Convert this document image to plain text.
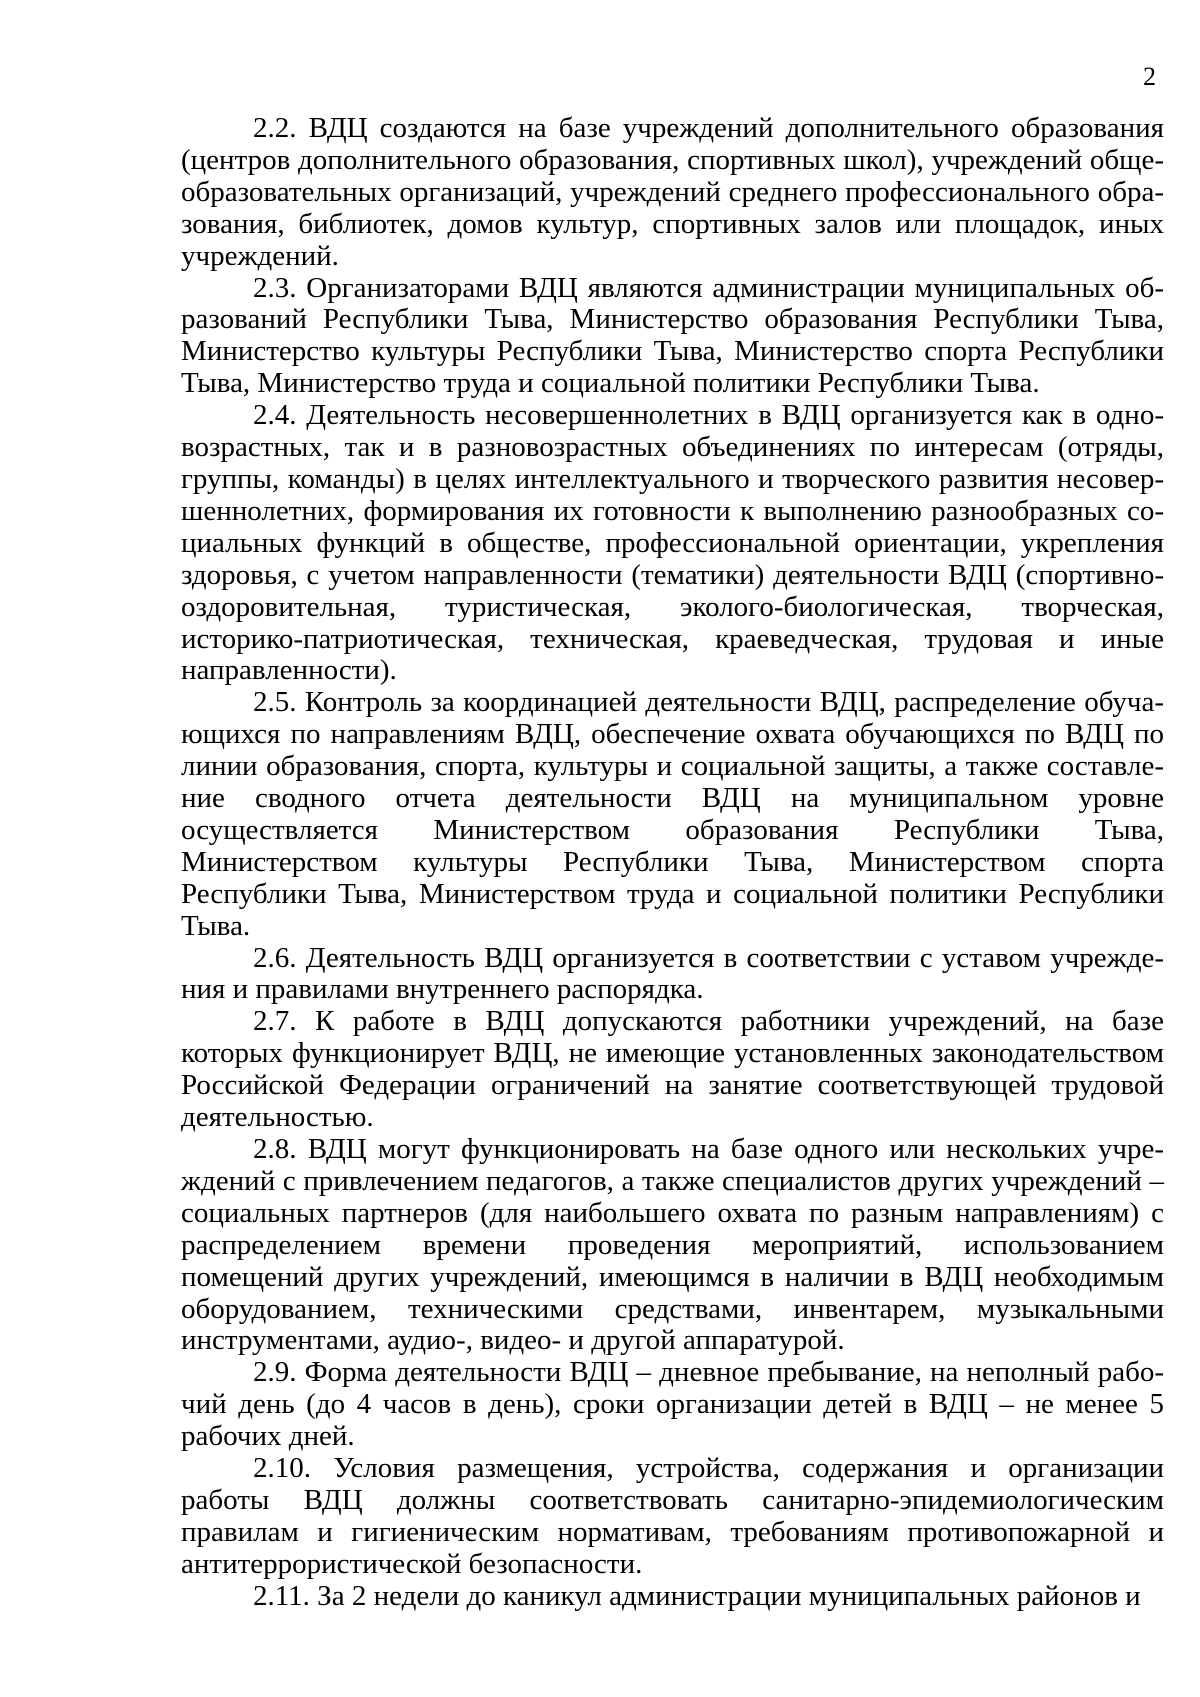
2

2.2. ВДЦ создаются на базе учреждений дополнительного образования (центров дополнительного образования, спортивных школ), учреждений общеобразовательных организаций, учреждений среднего профессионального образования, библиотек, домов культур, спортивных залов или площадок, иных учреждений.

2.3. Организаторами ВДЦ являются администрации муниципальных образований Республики Тыва, Министерство образования Республики Тыва, Министерство культуры Республики Тыва, Министерство спорта Республики Тыва, Министерство труда и социальной политики Республики Тыва.

2.4. Деятельность несовершеннолетних в ВДЦ организуется как в одновозрастных, так и в разновозрастных объединениях по интересам (отряды, группы, команды) в целях интеллектуального и творческого развития несовершеннолетних, формирования их готовности к выполнению разнообразных социальных функций в обществе, профессиональной ориентации, укрепления здоровья, с учетом направленности (тематики) деятельности ВДЦ (спортивно-оздоровительная, туристическая, эколого-биологическая, творческая, историко-патриотическая, техническая, краеведческая, трудовая и иные направленности).

2.5. Контроль за координацией деятельности ВДЦ, распределение обучающихся по направлениям ВДЦ, обеспечение охвата обучающихся по ВДЦ по линии образования, спорта, культуры и социальной защиты, а также составление сводного отчета деятельности ВДЦ на муниципальном уровне осуществляется Министерством образования Республики Тыва, Министерством культуры Республики Тыва, Министерством спорта Республики Тыва, Министерством труда и социальной политики Республики Тыва.

2.6. Деятельность ВДЦ организуется в соответствии с уставом учреждения и правилами внутреннего распорядка.

2.7. К работе в ВДЦ допускаются работники учреждений, на базе которых функционирует ВДЦ, не имеющие установленных законодательством Российской Федерации ограничений на занятие соответствующей трудовой деятельностью.

2.8. ВДЦ могут функционировать на базе одного или нескольких учреждений с привлечением педагогов, а также специалистов других учреждений – социальных партнеров (для наибольшего охвата по разным направлениям) с распределением времени проведения мероприятий, использованием помещений других учреждений, имеющимся в наличии в ВДЦ необходимым оборудованием, техническими средствами, инвентарем, музыкальными инструментами, аудио-, видео- и другой аппаратурой.

2.9. Форма деятельности ВДЦ – дневное пребывание, на неполный рабочий день (до 4 часов в день), сроки организации детей в ВДЦ – не менее 5 рабочих дней.

2.10. Условия размещения, устройства, содержания и организации работы ВДЦ должны соответствовать санитарно-эпидемиологическим правилам и гигиеническим нормативам, требованиям противопожарной и антитеррористической безопасности.

2.11. За 2 недели до каникул администрации муниципальных районов и
